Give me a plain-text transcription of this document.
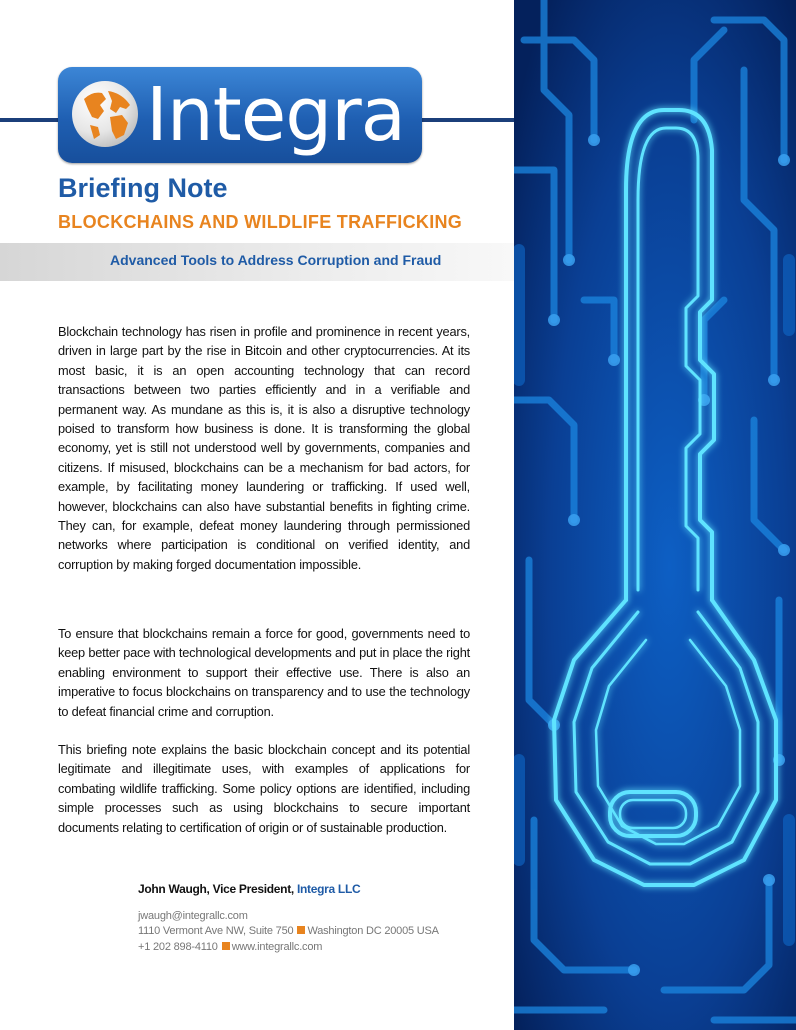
Integra
Briefing Note
BLOCKCHAINS AND WILDLIFE TRAFFICKING
Advanced Tools to Address Corruption and Fraud
Blockchain technology has risen in profile and prominence in recent years, driven in large part by the rise in Bitcoin and other cryptocurrencies. At its most basic, it is an open accounting technology that can record transactions between two parties efficiently and in a verifiable and permanent way. As mundane as this is, it is also a disruptive technology poised to transform how business is done. It is transforming the global economy, yet is still not understood well by governments, companies and citizens. If misused, blockchains can be a mechanism for bad actors, for example, by facilitating money laundering or trafficking. If used well, however, blockchains can also have substantial benefits in fighting crime. They can, for example, defeat money laundering through permissioned networks where participation is conditional on verified identity, and corruption by making forged documentation impossible.
To ensure that blockchains remain a force for good, governments need to keep better pace with technological developments and put in place the right enabling environment to support their effective use. There is also an imperative to focus blockchains on transparency and to use the technology to defeat financial crime and corruption.
This briefing note explains the basic blockchain concept and its potential legitimate and illegitimate uses, with examples of applications for combating wildlife trafficking. Some policy options are identified, including simple processes such as using blockchains to secure important documents relating to certification of origin or of sustainable production.
John Waugh, Vice President, Integra LLC
jwaugh@integrallc.com
1110 Vermont Ave NW, Suite 750 Washington DC 20005 USA
+1 202 898-4110 www.integrallc.com
